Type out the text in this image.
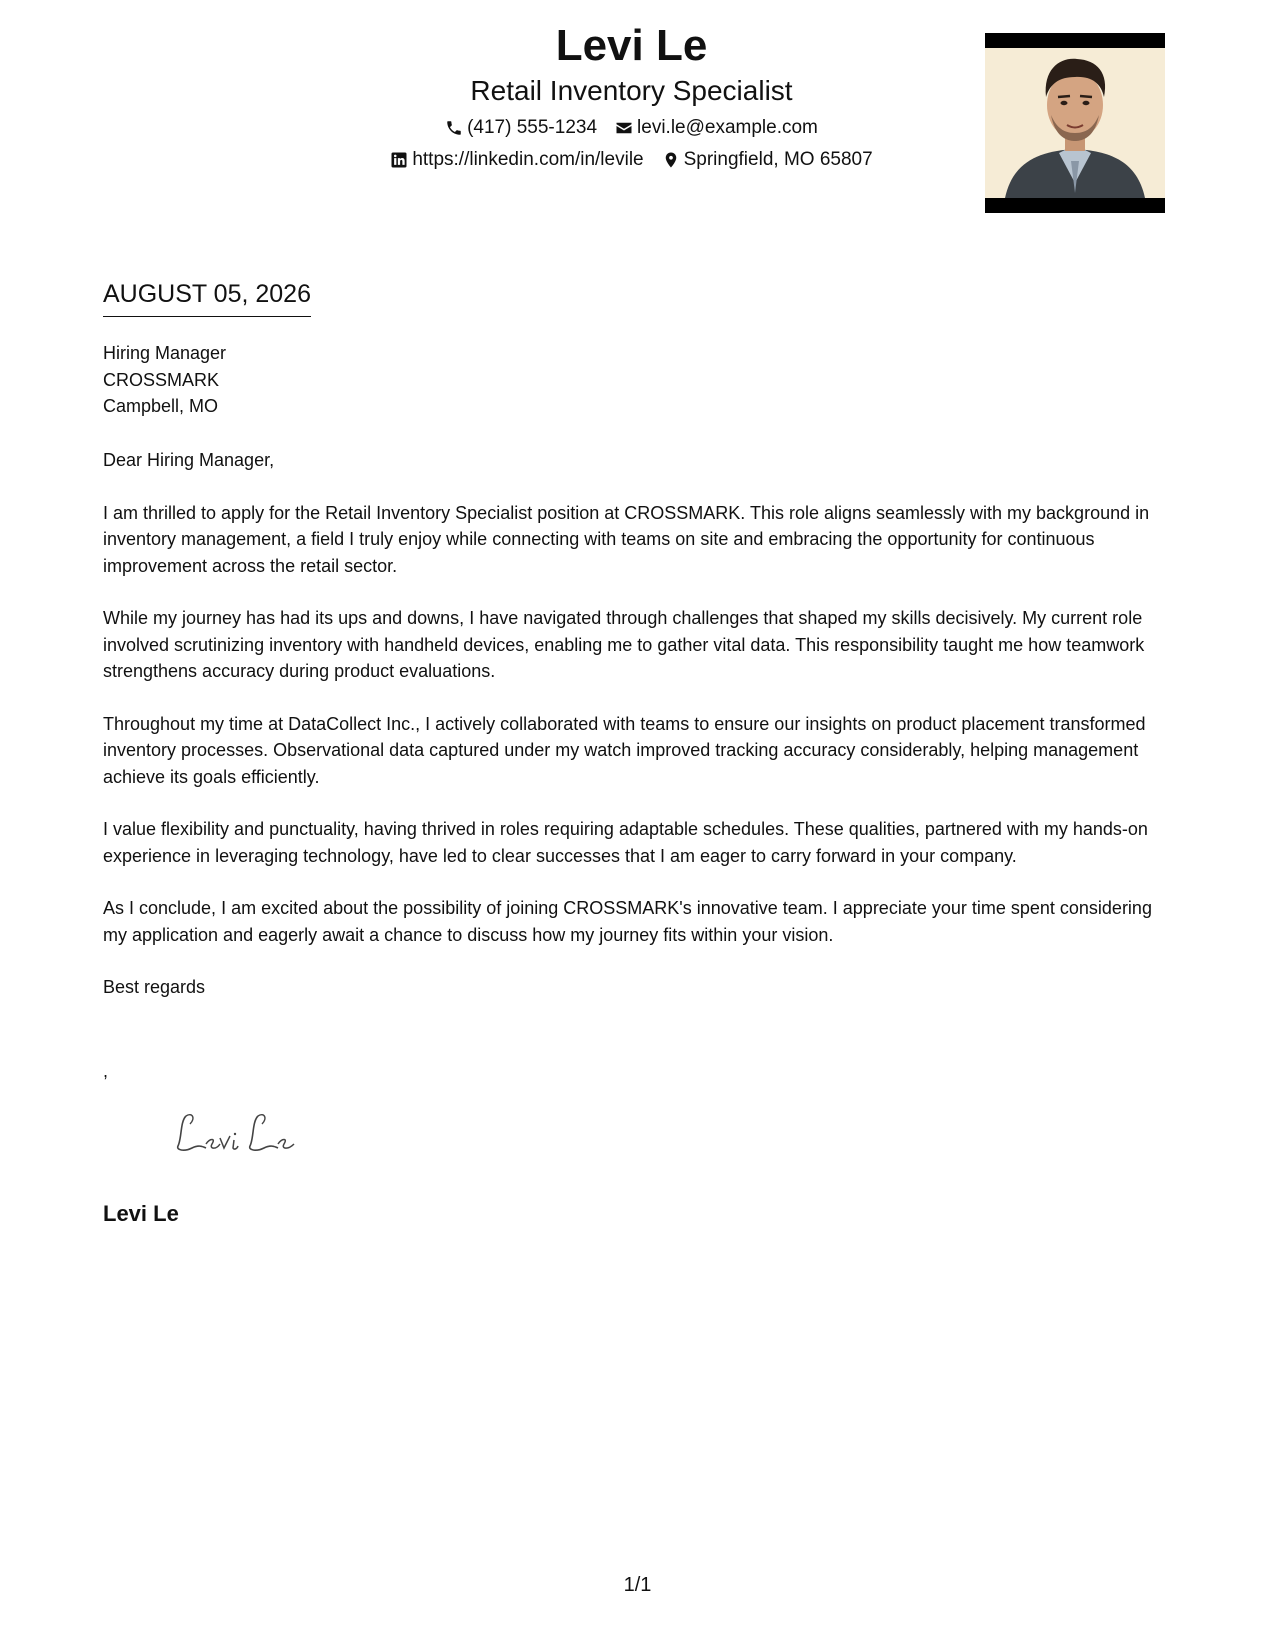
Levi Le
Retail Inventory Specialist
(417) 555-1234 levi.le@example.com
https://linkedin.com/in/levile Springfield, MO 65807
AUGUST 05, 2026
Hiring Manager
CROSSMARK
Campbell, MO

Dear Hiring Manager,

I am thrilled to apply for the Retail Inventory Specialist position at CROSSMARK. This role aligns seamlessly with my background in inventory management, a field I truly enjoy while connecting with teams on site and embracing the opportunity for continuous improvement across the retail sector.

While my journey has had its ups and downs, I have navigated through challenges that shaped my skills decisively. My current role involved scrutinizing inventory with handheld devices, enabling me to gather vital data. This responsibility taught me how teamwork strengthens accuracy during product evaluations.

Throughout my time at DataCollect Inc., I actively collaborated with teams to ensure our insights on product placement transformed inventory processes. Observational data captured under my watch improved tracking accuracy considerably, helping management achieve its goals efficiently.

I value flexibility and punctuality, having thrived in roles requiring adaptable schedules. These qualities, partnered with my hands-on experience in leveraging technology, have led to clear successes that I am eager to carry forward in your company.

As I conclude, I am excited about the possibility of joining CROSSMARK's innovative team. I appreciate your time spent considering my application and eagerly await a chance to discuss how my journey fits within your vision.

Best regards

,
Levi Le
1/1
